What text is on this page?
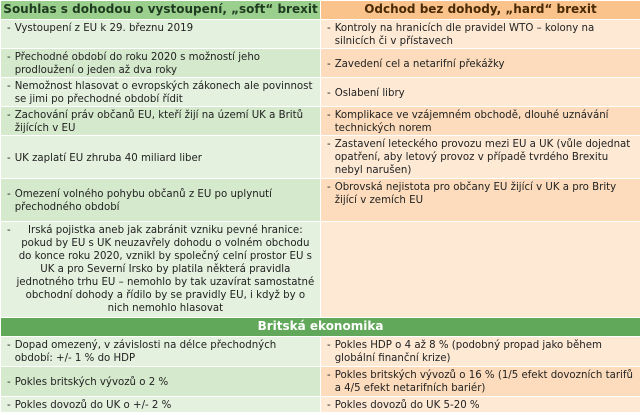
Souhlas s dohodou o vystoupení, „soft“ brexit	Odchod bez dohody, „hard“ brexit

- Vystoupení z EU k 29. březnu 2019	- Kontroly na hranicích dle pravidel WTO – kolony na silnicích či v přístavech

- Přechodné období do roku 2020 s možností jeho prodloužení o jeden až dva roky	- Zavedení cel a netarifní překážky

- Nemožnost hlasovat o evropských zákonech ale povinnost se jimi po přechodné období řídit	- Oslabení libry

- Zachování práv občanů EU, kteří žijí na území UK a Britů žijících v EU	- Komplikace ve vzájemném obchodě, dlouhé uznávání technických norem

- UK zaplatí EU zhruba 40 miliard liber	- Zastavení leteckého provozu mezi EU a UK (vůle dojednat opatření, aby letový provoz v případě tvrdého Brexitu nebyl narušen)

- Omezení volného pohybu občanů z EU po uplynutí přechodného období	- Obrovská nejistota pro občany EU žijící v UK a pro Brity žijící v zemích EU

- Irská pojistka aneb jak zabránit vzniku pevné hranice: pokud by EU s UK neuzavřely dohodu o volném obchodu do konce roku 2020, vznikl by společný celní prostor EU s UK a pro Severní Irsko by platila některá pravidla jednotného trhu EU – nemohlo by tak uzavírat samostatné obchodní dohody a řídilo by se pravidly EU, i když by o nich nemohlo hlasovat	

Britská ekonomika	

- Dopad omezený, v závislosti na délce přechodných období: +/- 1 % do HDP	- Pokles HDP o 4 až 8 % (podobný propad jako během globální finanční krize)

- Pokles britských vývozů o 2 %	- Pokles britských vývozů o 16 % (1/5 efekt dovozních tarifů a 4/5 efekt netarifních bariér)

- Pokles dovozů do UK o +/- 2 %	- Pokles dovozů do UK 5-20 %
